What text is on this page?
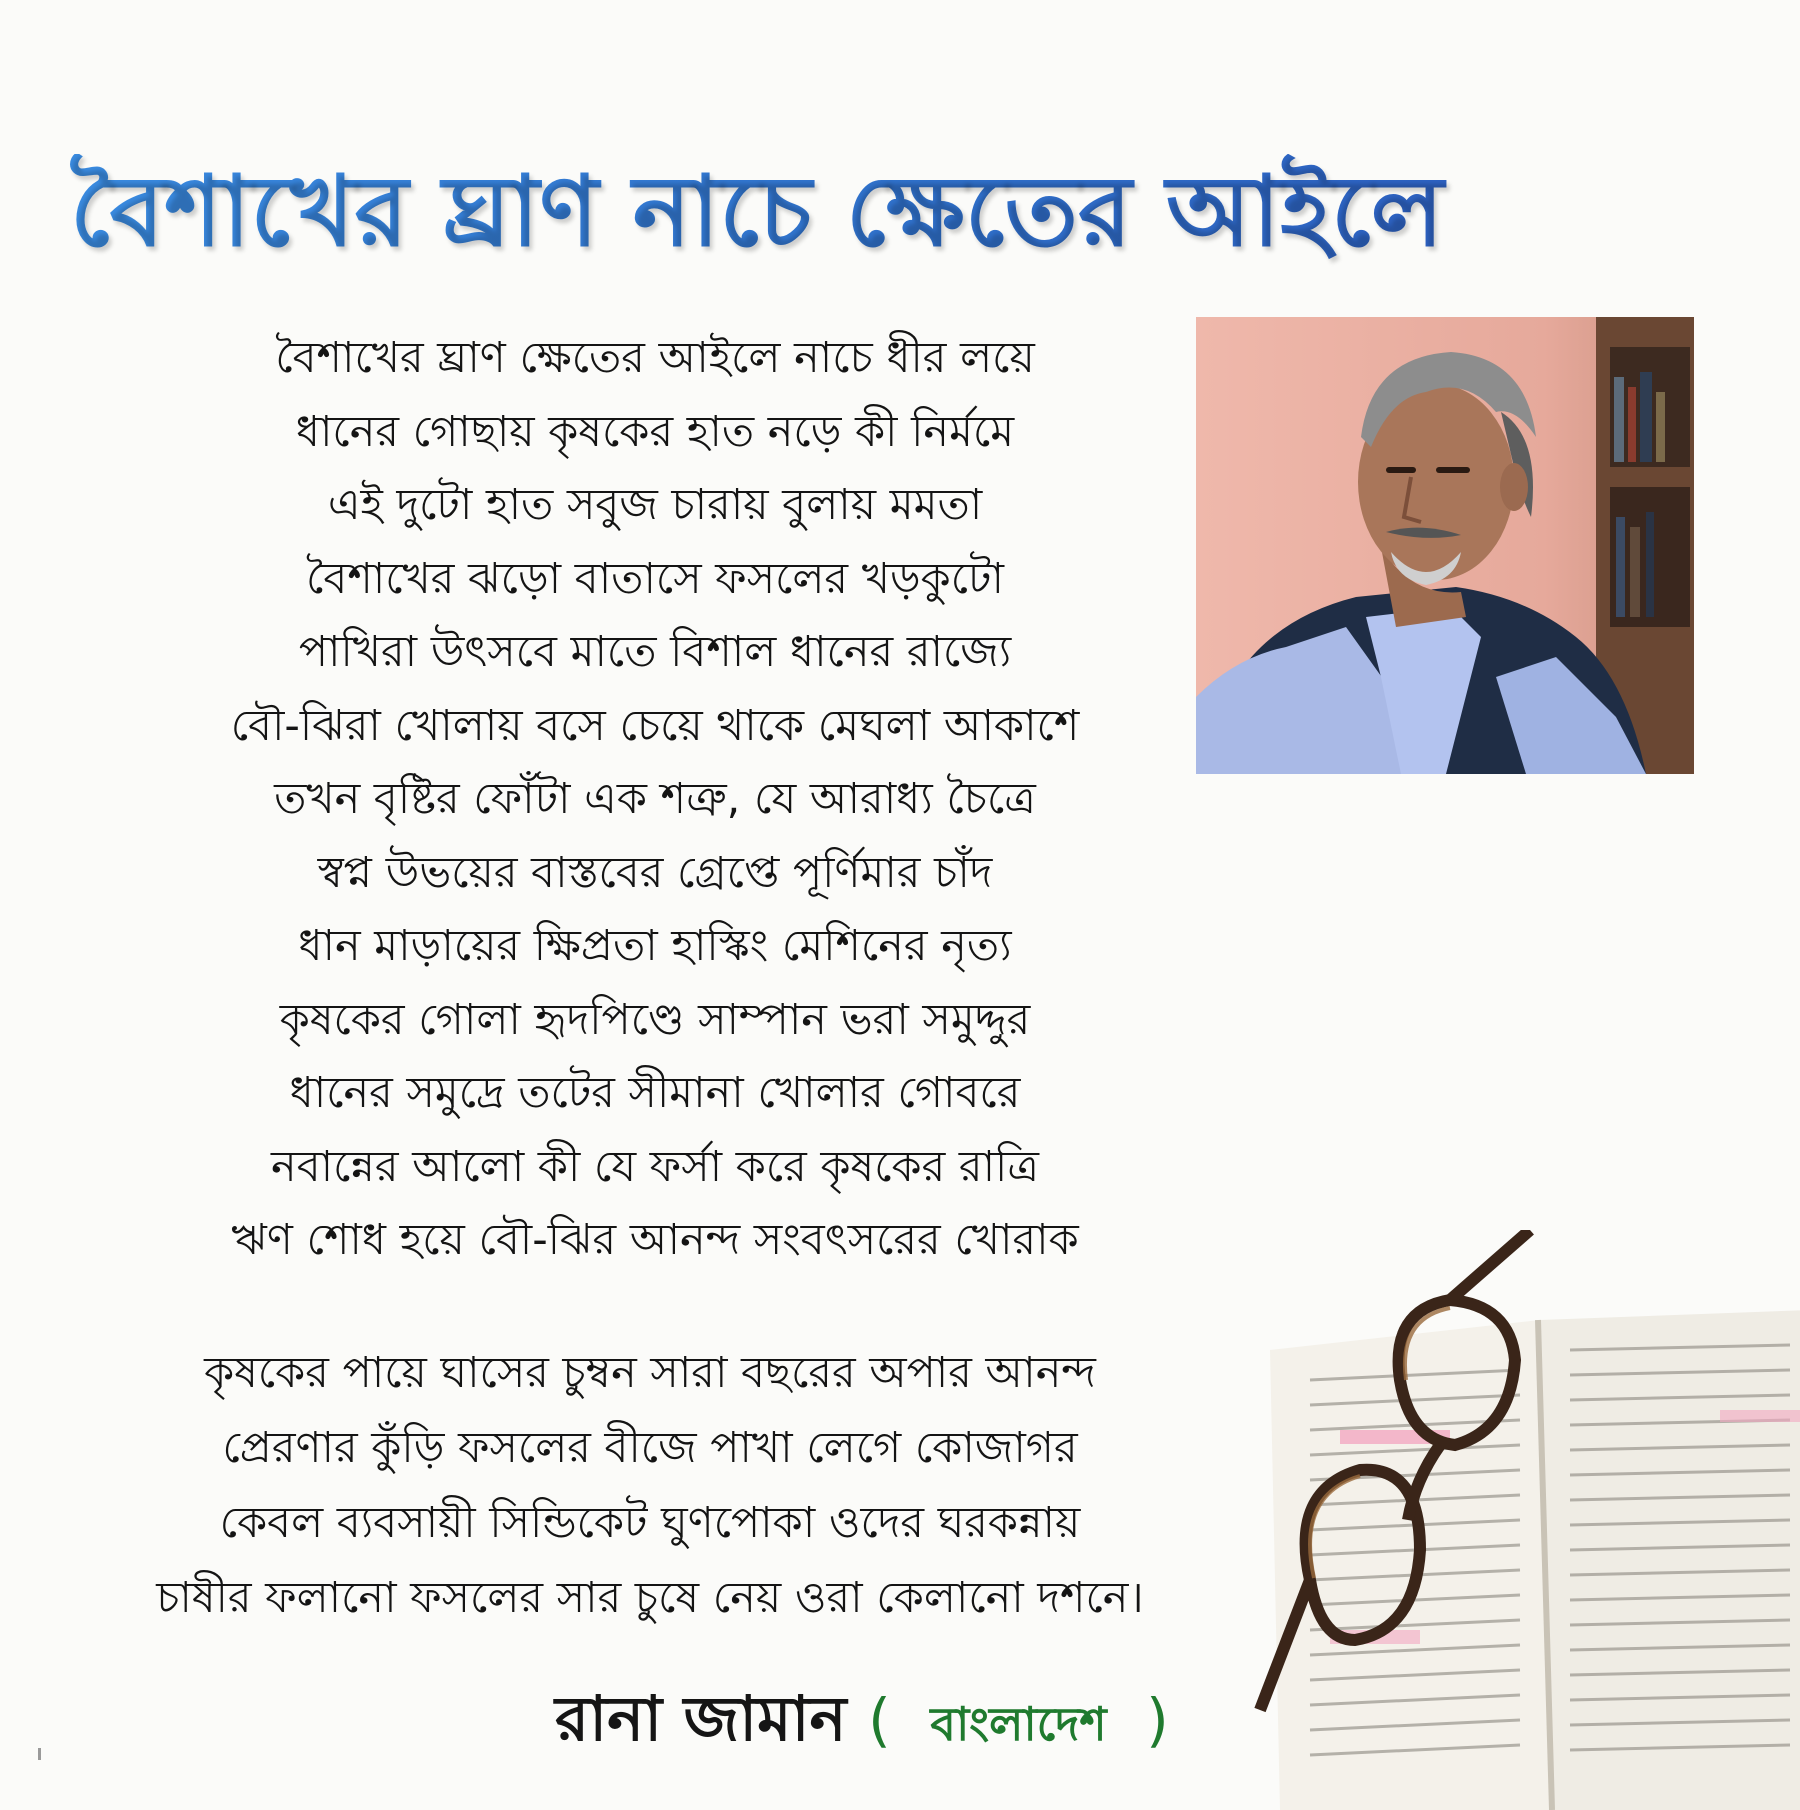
বৈশাখের ঘ্রাণ নাচে ক্ষেতের আইলে
বৈশাখের ঘ্রাণ ক্ষেতের আইলে নাচে ধীর লয়ে
ধানের গোছায় কৃষকের হাত নড়ে কী নির্মমে
এই দুটো হাত সবুজ চারায় বুলায় মমতা
বৈশাখের ঝড়ো বাতাসে ফসলের খড়কুটো
পাখিরা উৎসবে মাতে বিশাল ধানের রাজ্যে
বৌ-ঝিরা খোলায় বসে চেয়ে থাকে মেঘলা আকাশে
তখন বৃষ্টির ফোঁটা এক শত্রু, যে আরাধ্য চৈত্রে
স্বপ্ন উভয়ের বাস্তবের গ্রেপ্তে পূর্ণিমার চাঁদ
ধান মাড়ায়ের ক্ষিপ্রতা হাস্কিং মেশিনের নৃত্য
কৃষকের গোলা হৃদপিণ্ডে সাম্পান ভরা সমুদ্দুর
ধানের সমুদ্রে তটের সীমানা খোলার গোবরে
নবান্নের আলো কী যে ফর্সা করে কৃষকের রাত্রি
ঋণ শোধ হয়ে বৌ-ঝির আনন্দ সংবৎসরের খোরাক
কৃষকের পায়ে ঘাসের চুম্বন সারা বছরের অপার আনন্দ
প্রেরণার কুঁড়ি ফসলের বীজে পাখা লেগে কোজাগর
কেবল ব্যবসায়ী সিন্ডিকেট ঘুণপোকা ওদের ঘরকন্নায়
চাষীর ফলানো ফসলের সার চুষে নেয় ওরা কেলানো দশনে।
রানা জামান ( বাংলাদেশ )
